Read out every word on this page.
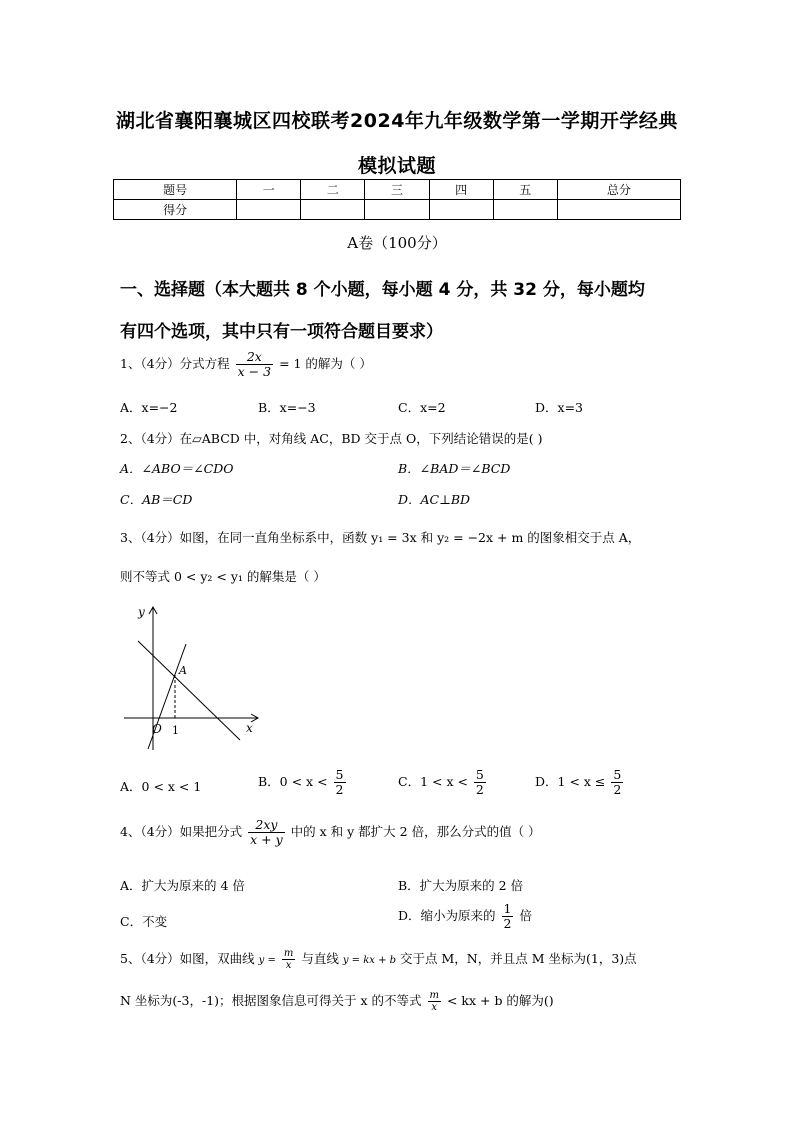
湖北省襄阳襄城区四校联考2024年九年级数学第一学期开学经典
模拟试题
题号	一	二	三	四	五	总分
得分						
A卷（100分）
一、选择题（本大题共 8 个小题，每小题 4 分，共 32 分，每小题均
有四个选项，其中只有一项符合题目要求）
1、（4分）分式方程 $\frac{2x}{x - 3} = 1$ 的解为（ ）
A．x=−2	B．x=−3	C．x=2	D．x=3
2、（4分）在▱ABCD 中，对角线 AC，BD 交于点 O，下列结论错误的是( )
A．∠ABO＝∠CDO	B．∠BAD＝∠BCD
C．AB＝CD	D．AC⊥BD
3、（4分）如图，在同一直角坐标系中，函数 y₁ = 3x 和 y₂ = −2x + m 的图象相交于点 A，
则不等式 0 < y₂ < y₁ 的解集是（ ）
y
x
O
A
1
A．0 < x < 1	B．$0 < x < \frac{5}{2}$	C．$1 < x < \frac{5}{2}$	D．$1 < x \le \frac{5}{2}$
4、（4分）如果把分式 $\frac{2xy}{x + y}$ 中的 x 和 y 都扩大 2 倍，那么分式的值（ ）
A．扩大为原来的 4 倍	B．扩大为原来的 2 倍
C．不变	D．缩小为原来的 $\frac{1}{2}$ 倍
5、（4分）如图，双曲线 $y = \frac{m}{x}$ 与直线 y = kx + b 交于点 M，N，并且点 M 坐标为(1，3)点
N 坐标为(-3，-1)；根据图象信息可得关于 x 的不等式 $\frac{m}{x}$ < kx + b 的解为()
